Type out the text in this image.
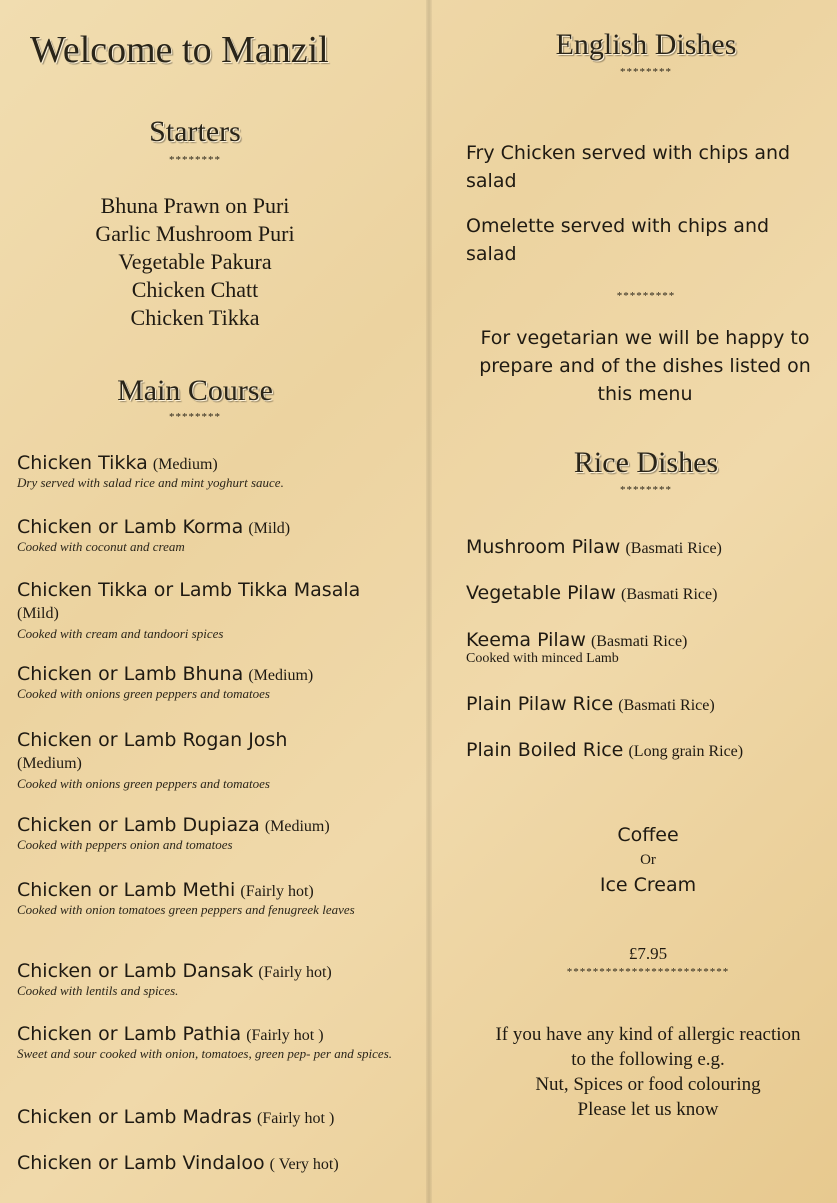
Welcome to Manzil
Starters
********
Bhuna Prawn on Puri
Garlic Mushroom Puri
Vegetable Pakura
Chicken Chatt
Chicken Tikka
Main Course
********
Chicken Tikka (Medium)
Dry served with salad rice and mint yoghurt sauce.
Chicken or Lamb Korma (Mild)
Cooked with coconut and cream
Chicken Tikka or Lamb Tikka Masala (Mild)
Cooked with cream and tandoori spices
Chicken or Lamb Bhuna (Medium)
Cooked with onions green peppers and tomatoes
Chicken or Lamb Rogan Josh (Medium)
Cooked with onions green peppers and tomatoes
Chicken or Lamb Dupiaza (Medium)
Cooked with peppers onion and tomatoes
Chicken or Lamb Methi (Fairly hot)
Cooked with onion tomatoes green peppers and fenugreek leaves
Chicken or Lamb Dansak (Fairly hot)
Cooked with lentils and spices.
Chicken or Lamb Pathia (Fairly hot )
Sweet and sour cooked with onion, tomatoes, green pep- per and spices.
Chicken or Lamb Madras (Fairly hot )
Chicken or Lamb Vindaloo ( Very hot)
English Dishes
********
Fry Chicken served with chips and salad
Omelette served with chips and salad
*********
For vegetarian we will be happy to prepare and of the dishes listed on this menu
Rice Dishes
********
Mushroom Pilaw (Basmati Rice)
Vegetable Pilaw (Basmati Rice)
Keema Pilaw (Basmati Rice)
Cooked with minced Lamb
Plain Pilaw Rice (Basmati Rice)
Plain Boiled Rice (Long grain Rice)
Coffee
Or
Ice Cream
£7.95
*************************
If you have any kind of allergic reaction
to the following e.g.
Nut, Spices or food colouring
Please let us know
